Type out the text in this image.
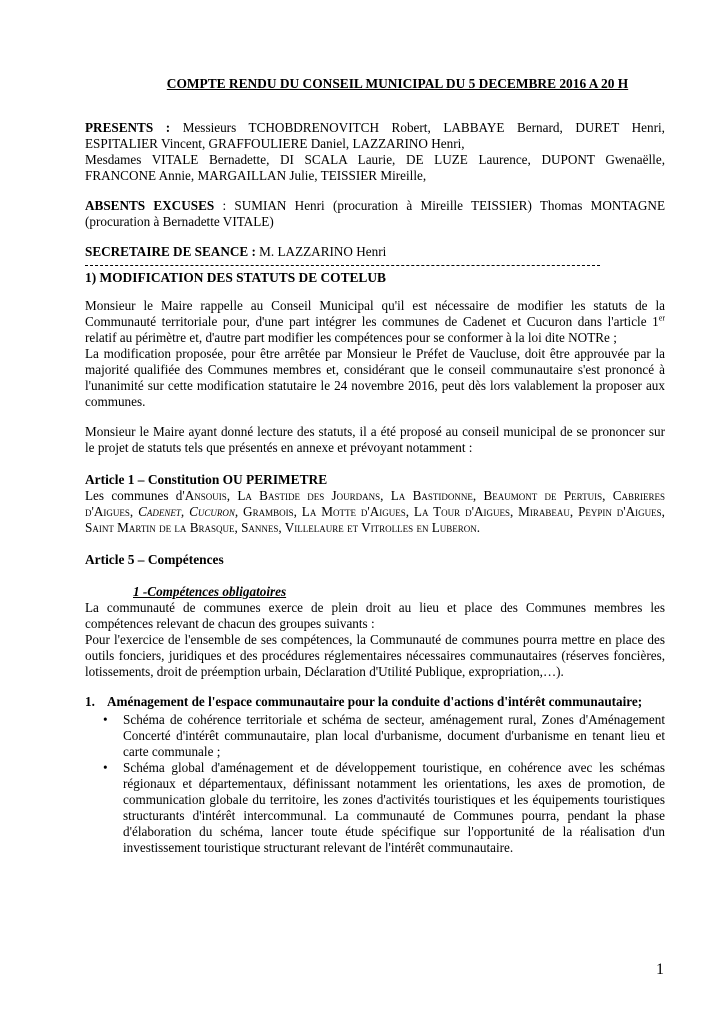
COMPTE RENDU DU CONSEIL MUNICIPAL DU 5 DECEMBRE 2016 A 20 H

PRESENTS : Messieurs TCHOBDRENOVITCH Robert, LABBAYE Bernard, DURET Henri, ESPITALIER Vincent, GRAFFOULIERE Daniel, LAZZARINO Henri,
Mesdames VITALE Bernadette, DI SCALA Laurie, DE LUZE Laurence, DUPONT Gwenaëlle, FRANCONE Annie, MARGAILLAN Julie, TEISSIER Mireille,

ABSENTS EXCUSES : SUMIAN Henri (procuration à Mireille TEISSIER) Thomas MONTAGNE (procuration à Bernadette VITALE)

SECRETAIRE DE SEANCE : M. LAZZARINO Henri

1) MODIFICATION DES STATUTS DE COTELUB

Monsieur le Maire rappelle au Conseil Municipal qu'il est nécessaire de modifier les statuts de la Communauté territoriale pour, d'une part intégrer les communes de Cadenet et Cucuron dans l'article 1er relatif au périmètre et, d'autre part modifier les compétences pour se conformer à la loi dite NOTRe ;

La modification proposée, pour être arrêtée par Monsieur le Préfet de Vaucluse, doit être approuvée par la majorité qualifiée des Communes membres et, considérant que le conseil communautaire s'est prononcé à l'unanimité sur cette modification statutaire le 24 novembre 2016, peut dès lors valablement la proposer aux communes.

Monsieur le Maire ayant donné lecture des statuts, il a été proposé au conseil municipal de se prononcer sur le projet de statuts tels que présentés en annexe et prévoyant notamment :

Article 1 – Constitution OU PERIMETRE

Les communes d'Ansouis, La Bastide des Jourdans, La Bastidonne, Beaumont de Pertuis, Cabrieres d'Aigues, Cadenet, Cucuron, Grambois, La Motte d'Aigues, La Tour d'Aigues, Mirabeau, Peypin d'Aigues, Saint Martin de la Brasque, Sannes, Villelaure et Vitrolles en Luberon.

Article 5 – Compétences
1 -Compétences obligatoires

La communauté de communes exerce de plein droit au lieu et place des Communes membres les compétences relevant de chacun des groupes suivants :

Pour l'exercice de l'ensemble de ses compétences, la Communauté de communes pourra mettre en place des outils fonciers, juridiques et des procédures réglementaires nécessaires communautaires (réserves foncières, lotissements, droit de préemption urbain, Déclaration d'Utilité Publique, expropriation,…).

1. Aménagement de l'espace communautaire pour la conduite d'actions d'intérêt communautaire;
• Schéma de cohérence territoriale et schéma de secteur, aménagement rural, Zones d'Aménagement Concerté d'intérêt communautaire, plan local d'urbanisme, document d'urbanisme en tenant lieu et carte communale ;
• Schéma global d'aménagement et de développement touristique, en cohérence avec les schémas régionaux et départementaux, définissant notamment les orientations, les axes de promotion, de communication globale du territoire, les zones d'activités touristiques et les équipements touristiques structurants d'intérêt intercommunal. La communauté de Communes pourra, pendant la phase d'élaboration du schéma, lancer toute étude spécifique sur l'opportunité de la réalisation d'un investissement touristique structurant relevant de l'intérêt communautaire.
1
